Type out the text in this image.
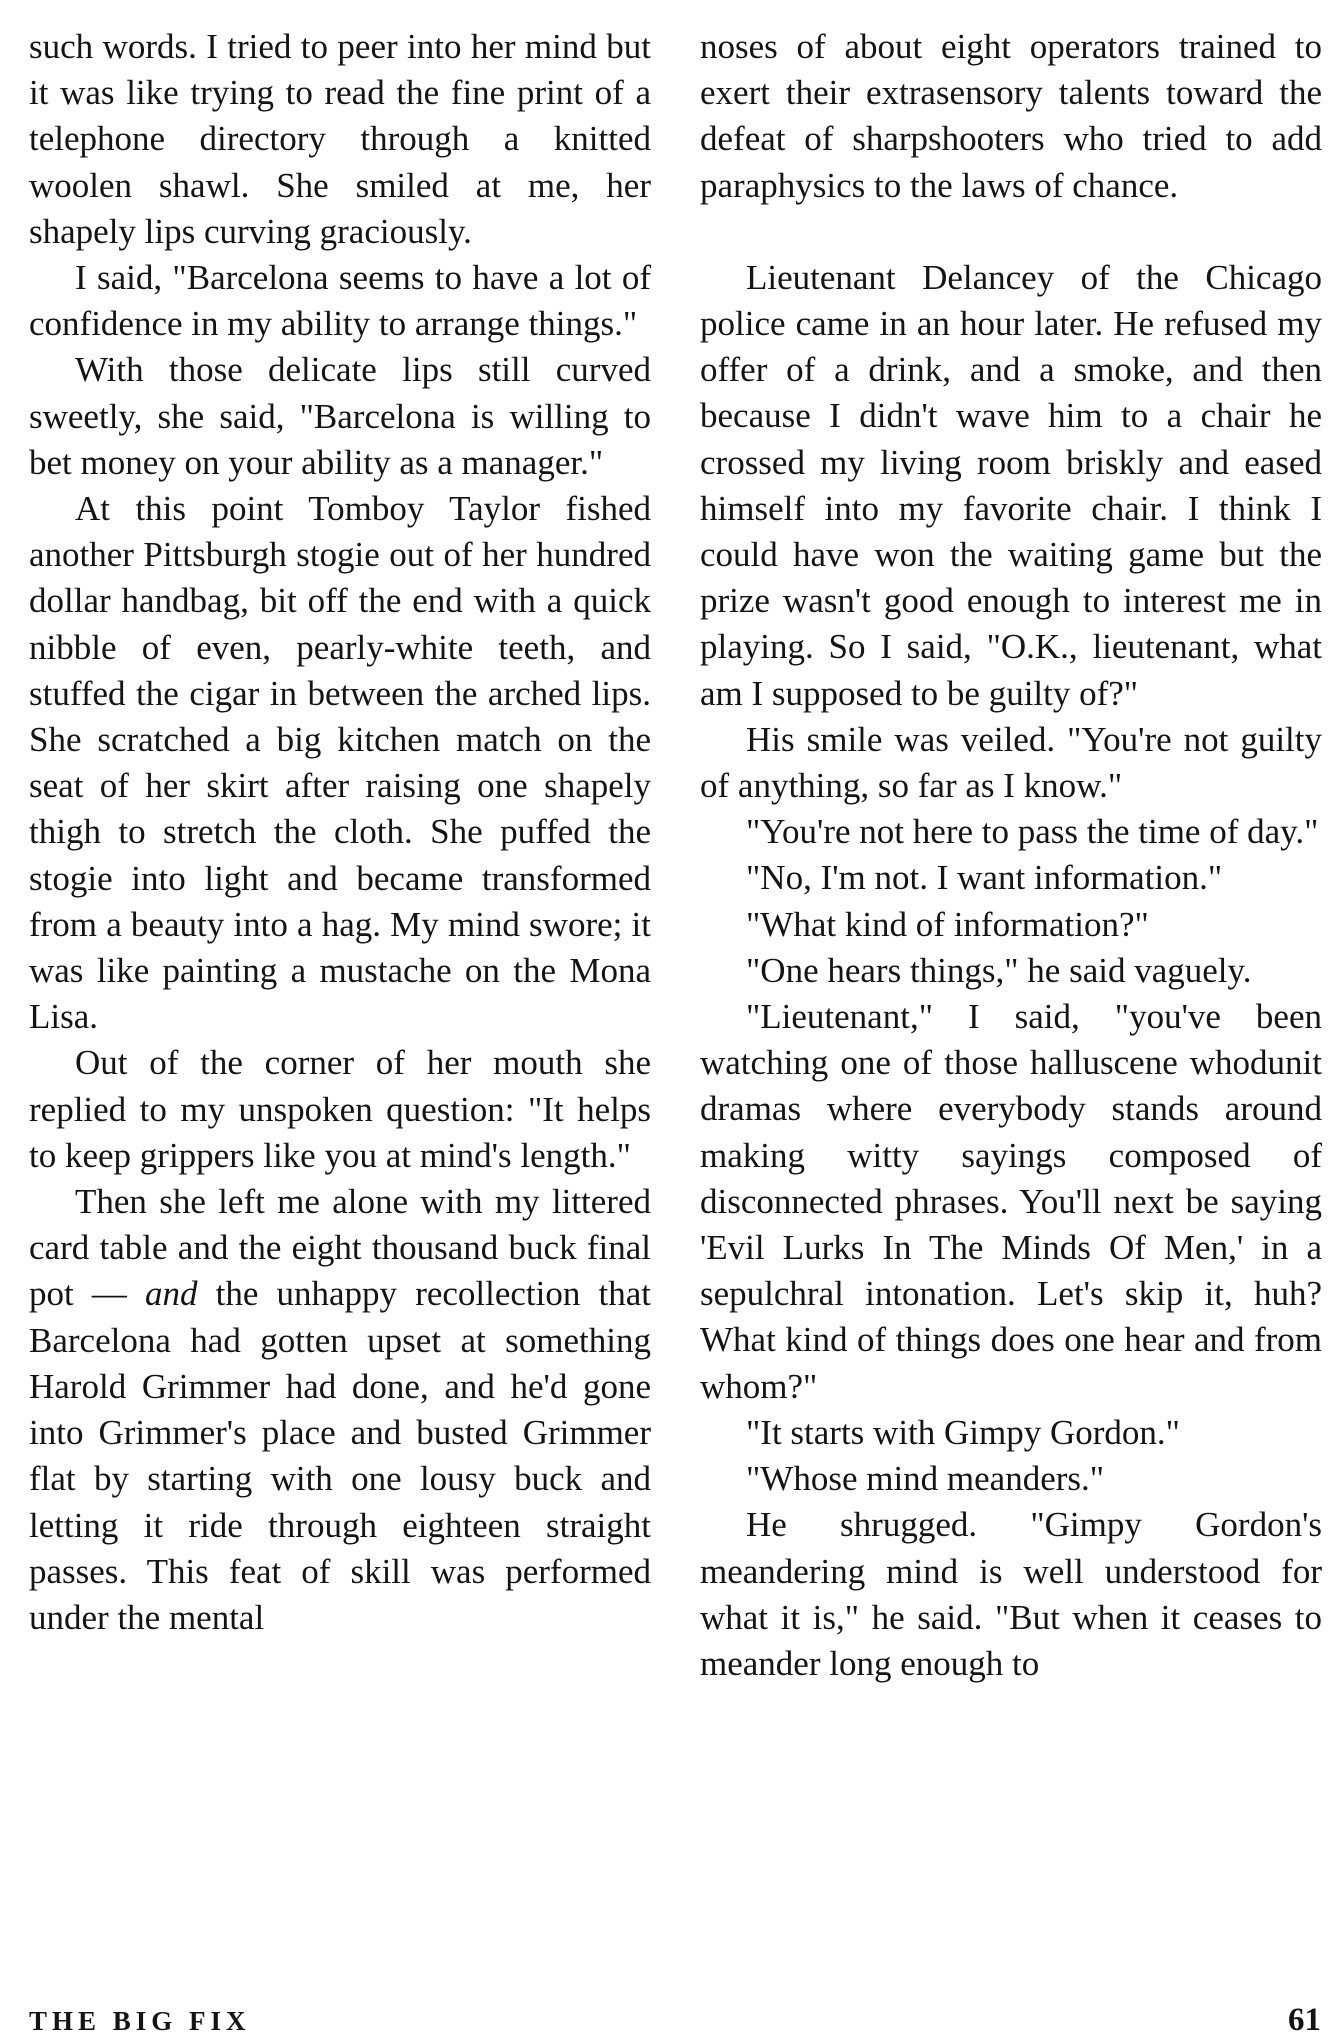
such words. I tried to peer into her mind but it was like trying to read the fine print of a telephone directory through a knitted woolen shawl. She smiled at me, her shapely lips curving graciously.

I said, "Barcelona seems to have a lot of confidence in my ability to arrange things."

With those delicate lips still curved sweetly, she said, "Barcelona is willing to bet money on your ability as a manager."

At this point Tomboy Taylor fished another Pittsburgh stogie out of her hundred dollar handbag, bit off the end with a quick nibble of even, pearly-white teeth, and stuffed the cigar in between the arched lips. She scratched a big kitchen match on the seat of her skirt after raising one shapely thigh to stretch the cloth. She puffed the stogie into light and became transformed from a beauty into a hag. My mind swore; it was like painting a mustache on the Mona Lisa.

Out of the corner of her mouth she replied to my unspoken question: "It helps to keep grippers like you at mind's length."

Then she left me alone with my littered card table and the eight thousand buck final pot — and the unhappy recollection that Barcelona had gotten upset at something Harold Grimmer had done, and he'd gone into Grimmer's place and busted Grimmer flat by starting with one lousy buck and letting it ride through eighteen straight passes. This feat of skill was performed under the mental

noses of about eight operators trained to exert their extrasensory talents toward the defeat of sharpshooters who tried to add paraphysics to the laws of chance.

Lieutenant Delancey of the Chicago police came in an hour later. He refused my offer of a drink, and a smoke, and then because I didn't wave him to a chair he crossed my living room briskly and eased himself into my favorite chair. I think I could have won the waiting game but the prize wasn't good enough to interest me in playing. So I said, "O.K., lieutenant, what am I supposed to be guilty of?"

His smile was veiled. "You're not guilty of anything, so far as I know."

"You're not here to pass the time of day."

"No, I'm not. I want information."

"What kind of information?"

"One hears things," he said vaguely.

"Lieutenant," I said, "you've been watching one of those halluscene whodunit dramas where everybody stands around making witty sayings composed of disconnected phrases. You'll next be saying 'Evil Lurks In The Minds Of Men,' in a sepulchral intonation. Let's skip it, huh? What kind of things does one hear and from whom?"

"It starts with Gimpy Gordon."

"Whose mind meanders."

He shrugged. "Gimpy Gordon's meandering mind is well understood for what it is," he said. "But when it ceases to meander long enough to

THE BIG FIX	61
